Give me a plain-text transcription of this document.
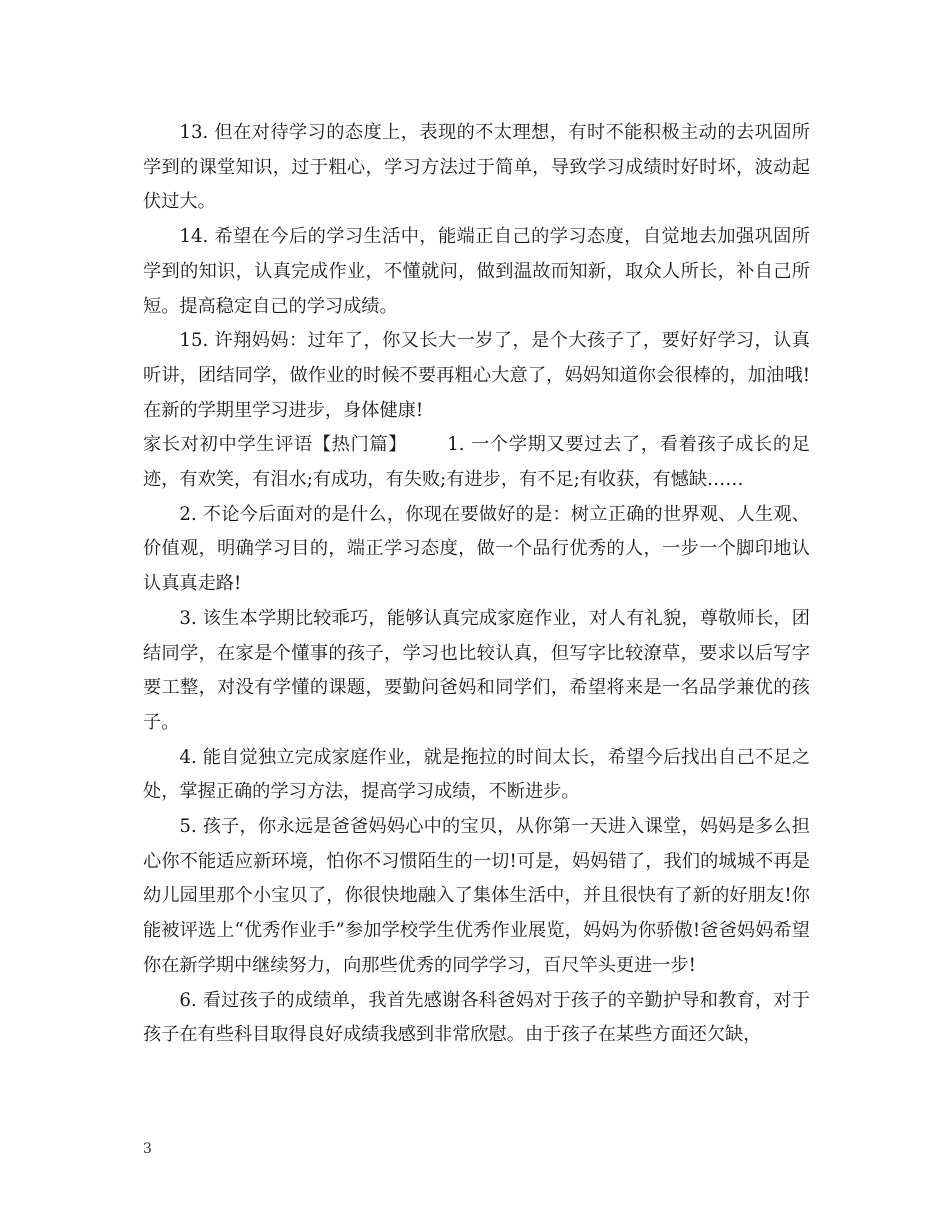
13. 但在对待学习的态度上，表现的不太理想，有时不能积极主动的去巩固所学到的课堂知识，过于粗心，学习方法过于简单，导致学习成绩时好时坏，波动起伏过大。

14. 希望在今后的学习生活中，能端正自己的学习态度，自觉地去加强巩固所学到的知识，认真完成作业，不懂就问，做到温故而知新，取众人所长，补自己所短。提高稳定自己的学习成绩。

15. 许翔妈妈：过年了，你又长大一岁了，是个大孩子了，要好好学习，认真听讲，团结同学，做作业的时候不要再粗心大意了，妈妈知道你会很棒的，加油哦!在新的学期里学习进步，身体健康!

家长对初中学生评语【热门篇】 1. 一个学期又要过去了，看着孩子成长的足迹，有欢笑，有泪水;有成功，有失败;有进步，有不足;有收获，有憾缺……

2. 不论今后面对的是什么，你现在要做好的是：树立正确的世界观、人生观、价值观，明确学习目的，端正学习态度，做一个品行优秀的人，一步一个脚印地认认真真走路!

3. 该生本学期比较乖巧，能够认真完成家庭作业，对人有礼貌，尊敬师长，团结同学，在家是个懂事的孩子，学习也比较认真，但写字比较潦草，要求以后写字要工整，对没有学懂的课题，要勤问爸妈和同学们，希望将来是一名品学兼优的孩子。

4. 能自觉独立完成家庭作业，就是拖拉的时间太长，希望今后找出自己不足之处，掌握正确的学习方法，提高学习成绩，不断进步。

5. 孩子，你永远是爸爸妈妈心中的宝贝，从你第一天进入课堂，妈妈是多么担心你不能适应新环境，怕你不习惯陌生的一切!可是，妈妈错了，我们的城城不再是幼儿园里那个小宝贝了，你很快地融入了集体生活中，并且很快有了新的好朋友!你能被评选上“优秀作业手”参加学校学生优秀作业展览，妈妈为你骄傲!爸爸妈妈希望你在新学期中继续努力，向那些优秀的同学学习，百尺竿头更进一步!

6. 看过孩子的成绩单，我首先感谢各科爸妈对于孩子的辛勤护导和教育，对于孩子在有些科目取得良好成绩我感到非常欣慰。由于孩子在某些方面还欠缺，

3
